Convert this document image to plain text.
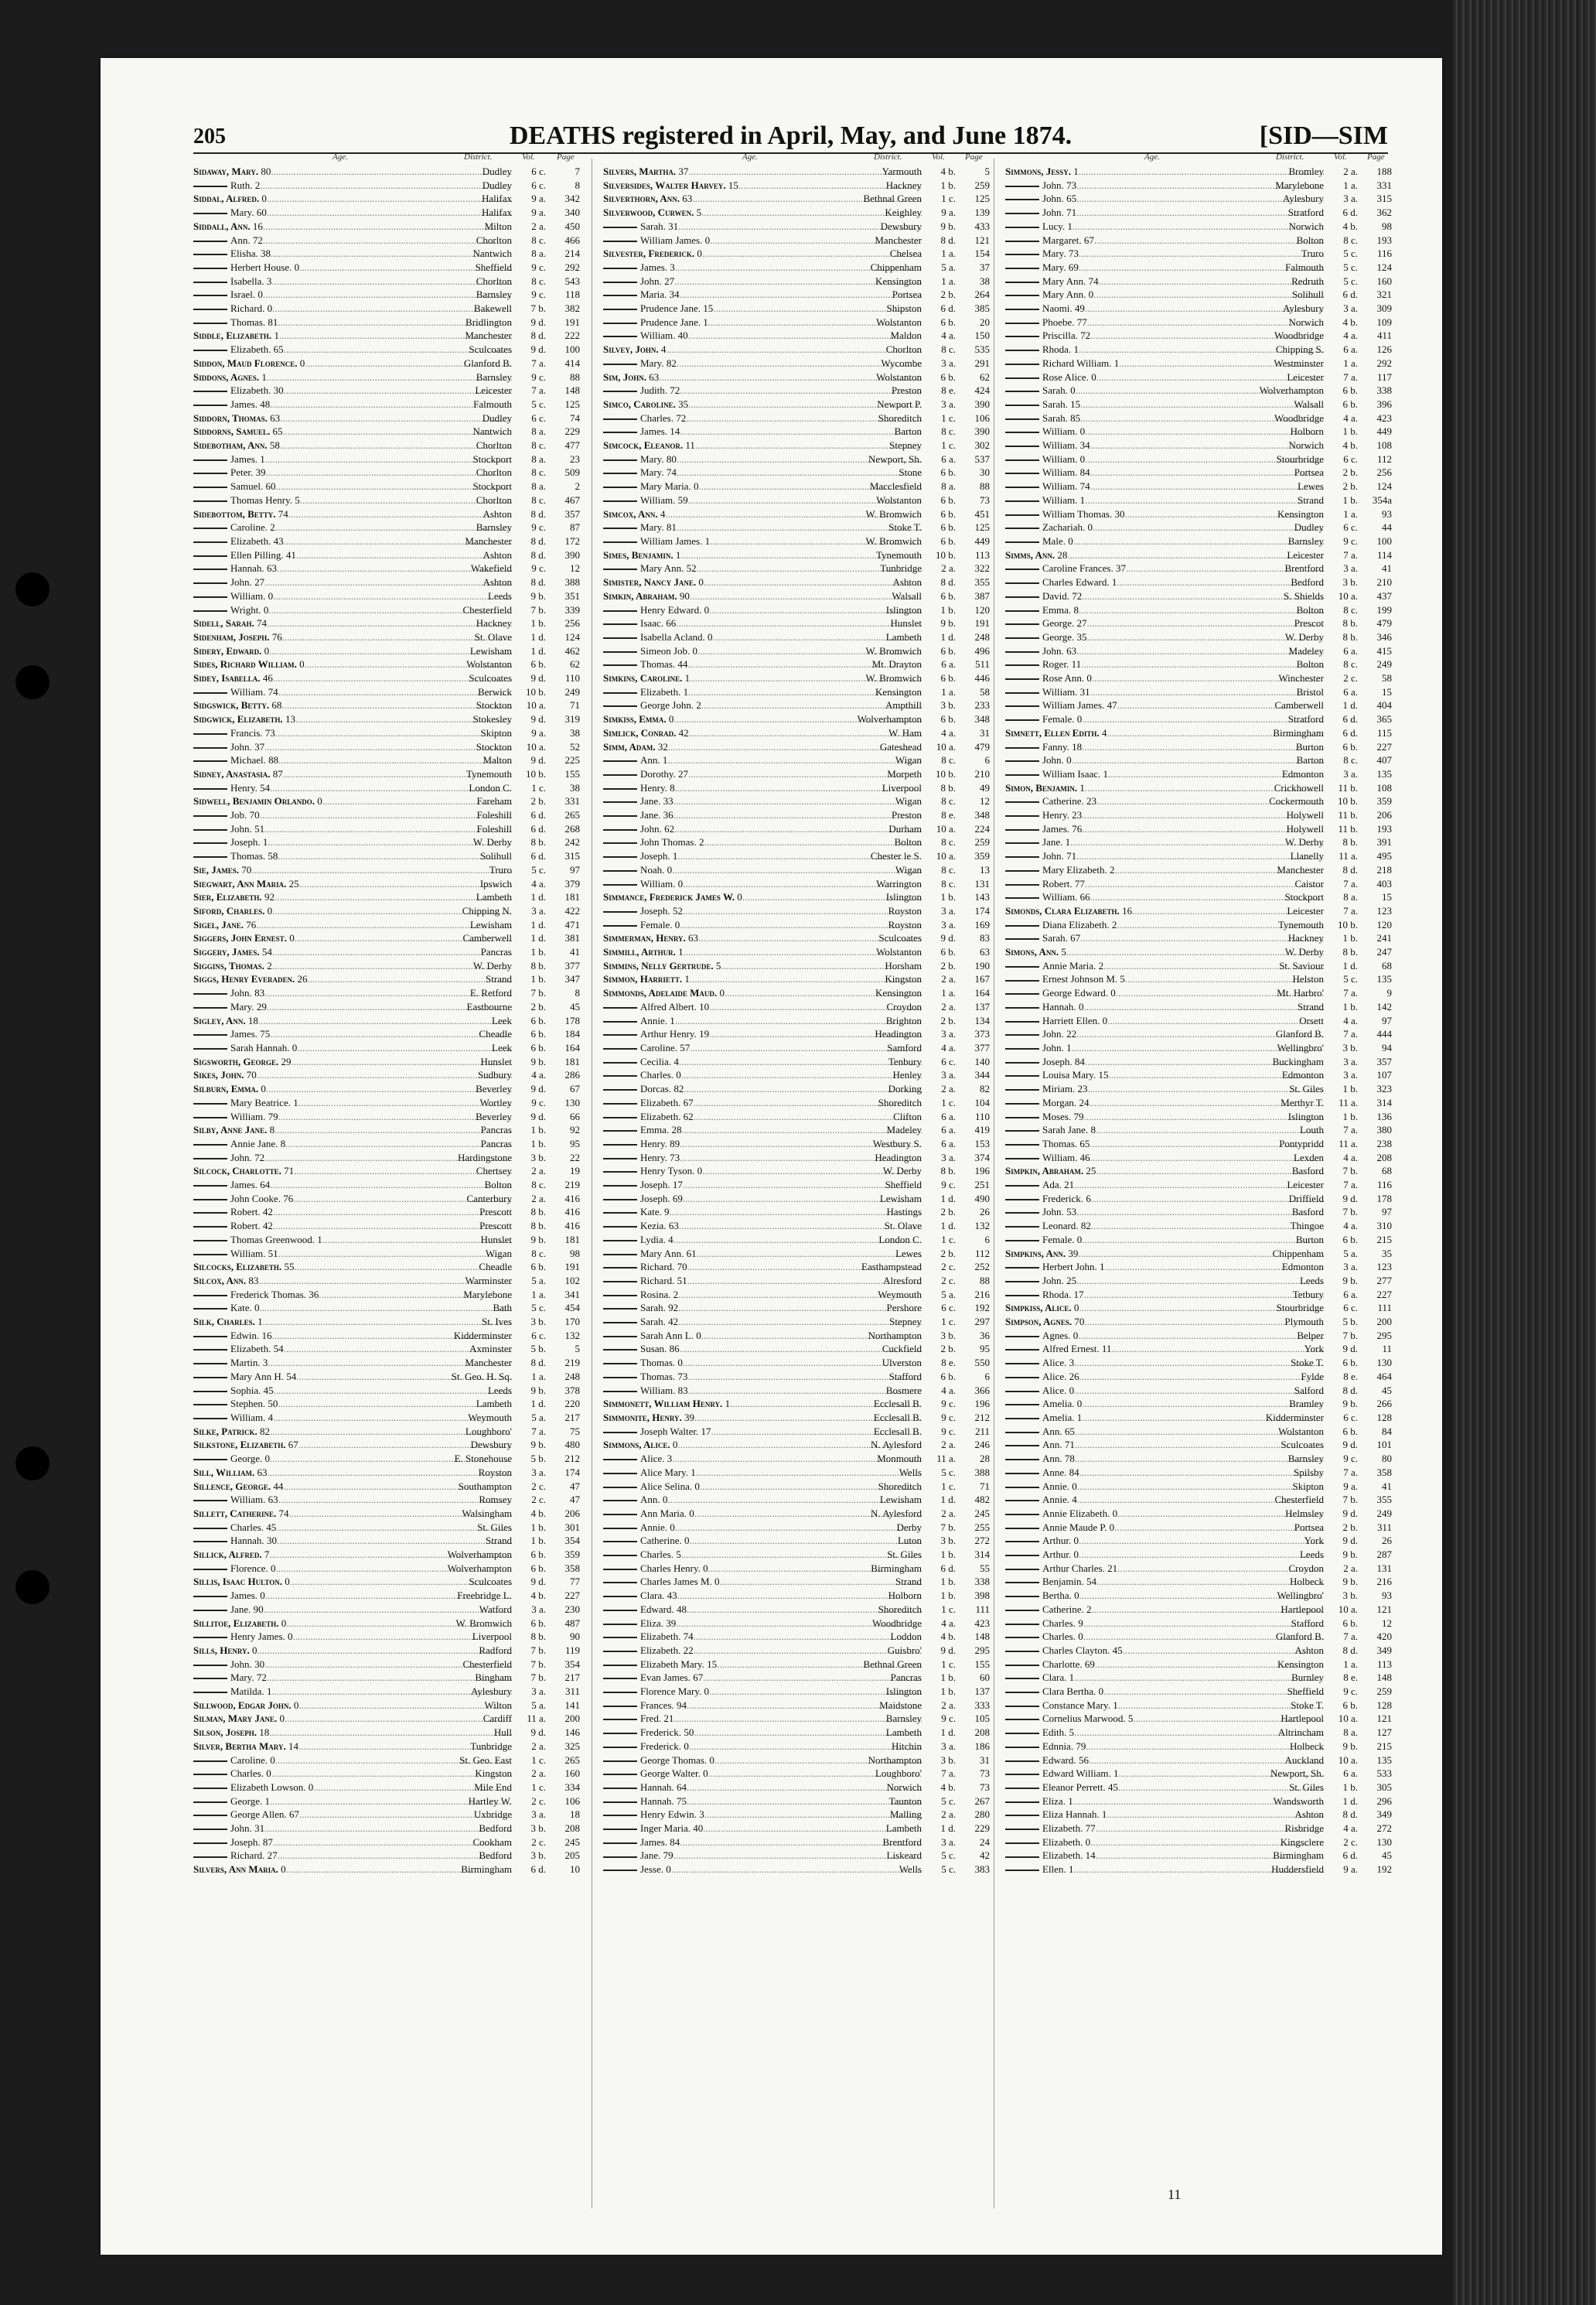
205	DEATHS registered in April, May, and June 1874.	[SID—SIM
Sidaway, Mary. 80	..... Dudley	6 c.	7
Ruth. 2	..... Dudley	6 c.	8
Siddal, Alfred. 0	..... Halifax	9 a.	342
Mary. 60	..... Halifax	9 a.	340
Siddall, Ann. 16	..... Milton	2 a.	450
Ann. 72	..... Chorlton	8 c.	466
Elisha. 38	..... Nantwich	8 a.	214
Herbert House. 0	..... Sheffield	9 c.	292
Isabella. 3	..... Chorlton	8 c.	543
Israel. 0	..... Barnsley	9 c.	118
Richard. 0	..... Bakewell	7 b.	382
Thomas. 81	..... Bridlington	9 d.	191
Siddle, Elizabeth. 1	..... Manchester	8 d.	222
Elizabeth. 65	..... Sculcoates	9 d.	100
Siddon, Maud Florence. 0	..... Glanford B.	7 a.	414
Siddons, Agnes. 1	..... Barnsley	9 c.	88
Elizabeth. 30	..... Leicester	7 a.	148
James. 48	..... Falmouth	5 c.	125
Siddorn, Thomas. 63	..... Dudley	6 c.	74
Siddorns, Samuel. 65	..... Nantwich	8 a.	229
Sidebotham, Ann. 58	..... Chorlton	8 c.	477
James. 1	..... Stockport	8 a.	23
Peter. 39	..... Chorlton	8 c.	509
Samuel. 60	..... Stockport	8 a.	2
Thomas Henry. 5	..... Chorlton	8 c.	467
Sidebottom, Betty. 74	..... Ashton	8 d.	357
Caroline. 2	..... Barnsley	9 c.	87
Elizabeth. 43	..... Manchester	8 d.	172
Ellen Pilling. 41	..... Ashton	8 d.	390
Hannah. 63	..... Wakefield	9 c.	12
John. 27	..... Ashton	8 d.	388
William. 0	..... Leeds	9 b.	351
Wright. 0	..... Chesterfield	7 b.	339
Sidell, Sarah. 74	..... Hackney	1 b.	256
Sidenham, Joseph. 76	..... St. Olave	1 d.	124
Sidery, Edward. 0	..... Lewisham	1 d.	462
Sides, Richard William. 0	..... Wolstanton	6 b.	62
Sidey, Isabella. 46	..... Sculcoates	9 d.	110
William. 74	..... Berwick	10 b.	249
Sidgswick, Betty. 68	..... Stockton	10 a.	71
Sidgwick, Elizabeth. 13	..... Stokesley	9 d.	319
Francis. 73	..... Skipton	9 a.	38
John. 37	..... Stockton	10 a.	52
Michael. 88	..... Malton	9 d.	225
Sidney, Anastasia. 87	..... Tynemouth	10 b.	155
Henry. 54	..... London C.	1 c.	38
Sidwell, Benjamin Orlando. 0	..... Fareham	2 b.	331
Job. 70	..... Foleshill	6 d.	265
John. 51	..... Foleshill	6 d.	268
Joseph. 1	..... W. Derby	8 b.	242
Thomas. 58	..... Solihull	6 d.	315
Sie, James. 70	..... Truro	5 c.	97
Siegwart, Ann Maria. 25	..... Ipswich	4 a.	379
Sier, Elizabeth. 92	..... Lambeth	1 d.	181
Siford, Charles. 0	..... Chipping N.	3 a.	422
Sigel, Jane. 76	..... Lewisham	1 d.	471
Siggers, John Ernest. 0	..... Camberwell	1 d.	381
Siggery, James. 54	..... Pancras	1 b.	41
Siggins, Thomas. 2	..... W. Derby	8 b.	377
Siggs, Henry Everaden. 26	..... Strand	1 b.	347
John. 83	..... E. Retford	7 b.	8
Mary. 29	..... Eastbourne	2 b.	45
Sigley, Ann. 18	..... Leek	6 b.	178
James. 75	..... Cheadle	6 b.	184
Sarah Hannah. 0	..... Leek	6 b.	164
Sigsworth, George. 29	..... Hunslet	9 b.	181
Sikes, John. 70	..... Sudbury	4 a.	286
Silburn, Emma. 0	..... Beverley	9 d.	67
Mary Beatrice. 1	..... Wortley	9 c.	130
William. 79	..... Beverley	9 d.	66
Silby, Anne Jane. 8	..... Pancras	1 b.	92
Annie Jane. 8	..... Pancras	1 b.	95
John. 72	..... Hardingstone	3 b.	22
Silcock, Charlotte. 71	..... Chertsey	2 a.	19
James. 64	..... Bolton	8 c.	219
John Cooke. 76	..... Canterbury	2 a.	416
Robert. 42	..... Prescott	8 b.	416
Robert. 42	..... Prescott	8 b.	416
Thomas Greenwood. 1	..... Hunslet	9 b.	181
William. 51	..... Wigan	8 c.	98
Silcocks, Elizabeth. 55	..... Cheadle	6 b.	191
Silcox, Ann. 83	..... Warminster	5 a.	102
Frederick Thomas. 36	..... Marylebone	1 a.	341
Kate. 0	..... Bath	5 c.	454
Silk, Charles. 1	..... St. Ives	3 b.	170
Edwin. 16	..... Kidderminster	6 c.	132
Elizabeth. 54	..... Axminster	5 b.	5
Martin. 3	..... Manchester	8 d.	219
Mary Ann H. 54	..... St. Geo. H. Sq.	1 a.	248
Sophia. 45	..... Leeds	9 b.	378
Stephen. 50	..... Lambeth	1 d.	220
William. 4	..... Weymouth	5 a.	217
Silke, Patrick. 82	..... Loughboro'	7 a.	75
Silkstone, Elizabeth. 67	..... Dewsbury	9 b.	480
George. 0	..... E. Stonehouse	5 b.	212
Sill, William. 63	..... Royston	3 a.	174
Sillence, George. 44	..... Southampton	2 c.	47
William. 63	..... Romsey	2 c.	47
Sillett, Catherine. 74	..... Walsingham	4 b.	206
Charles. 45	..... St. Giles	1 b.	301
Hannah. 30	..... Strand	1 b.	354
Sillick, Alfred. 7	..... Wolverhampton	6 b.	359
Florence. 0	..... Wolverhampton	6 b.	358
Sillis, Isaac Hulton. 0	..... Sculcoates	9 d.	77
James. 0	..... Freebridge L.	4 b.	227
Jane. 90	..... Watford	3 a.	230
Sillitoe, Elizabeth. 0	..... W. Bromwich	6 b.	487
Henry James. 0	..... Liverpool	8 b.	90
Sills, Henry. 0	..... Radford	7 b.	119
John. 30	..... Chesterfield	7 b.	354
Mary. 72	..... Bingham	7 b.	217
Matilda. 1	..... Aylesbury	3 a.	311
Sillwood, Edgar John. 0	..... Wilton	5 a.	141
Silman, Mary Jane. 0	..... Cardiff	11 a.	200
Silson, Joseph. 18	..... Hull	9 d.	146
Silver, Bertha Mary. 14	..... Tunbridge	2 a.	325
Caroline. 0	..... St. Geo. East	1 c.	265
Charles. 0	..... Kingston	2 a.	160
Elizabeth Lowson. 0	..... Mile End	1 c.	334
George. 1	..... Hartley W.	2 c.	106
George Allen. 67	..... Uxbridge	3 a.	18
John. 31	..... Bedford	3 b.	208
Joseph. 87	..... Cookham	2 c.	245
Richard. 27	..... Bedford	3 b.	205
Silvers, Ann Maria. 0	..... Birmingham	6 d.	10
Silvers, Martha. 37	..... Yarmouth	4 b.	5
Silversides, Walter Harvey. 15	..... Hackney	1 b.	259
Silverthorn, Ann. 63	..... Bethnal Green	1 c.	125
Silverwood, Curwen. 5	..... Keighley	9 a.	139
Sarah. 31	..... Dewsbury	9 b.	433
William James. 0	..... Manchester	8 d.	121
Silvester, Frederick. 0	..... Chelsea	1 a.	154
James. 3	..... Chippenham	5 a.	37
John. 27	..... Kensington	1 a.	38
Maria. 34	..... Portsea	2 b.	264
Prudence Jane. 15	..... Shipston	6 d.	385
Prudence Jane. 1	..... Wolstanton	6 b.	20
William. 40	..... Maldon	4 a.	150
Silvey, John. 4	..... Chorlton	8 c.	535
Mary. 82	..... Wycombe	3 a.	291
Sim, John. 63	..... Wolstanton	6 b.	62
Judith. 72	..... Preston	8 e.	424
Simco, Caroline. 35	..... Newport P.	3 a.	390
Charles. 72	..... Shoreditch	1 c.	106
James. 14	..... Barton	8 c.	390
Simcock, Eleanor. 11	..... Stepney	1 c.	302
Mary. 80	..... Newport, Sh.	6 a.	537
Mary. 74	..... Stone	6 b.	30
Mary Maria. 0	..... Macclesfield	8 a.	88
William. 59	..... Wolstanton	6 b.	73
Simcox, Ann. 4	..... W. Bromwich	6 b.	451
Mary. 81	..... Stoke T.	6 b.	125
William James. 1	..... W. Bromwich	6 b.	449
Simes, Benjamin. 1	..... Tynemouth	10 b.	113
Mary Ann. 52	..... Tunbridge	2 a.	322
Simister, Nancy Jane. 0	..... Ashton	8 d.	355
Simkin, Abraham. 90	..... Walsall	6 b.	387
Henry Edward. 0	..... Islington	1 b.	120
Isaac. 66	..... Hunslet	9 b.	191
Isabella Acland. 0	..... Lambeth	1 d.	248
Simeon Job. 0	..... W. Bromwich	6 b.	496
Thomas. 44	..... Mt. Drayton	6 a.	511
Simkins, Caroline. 1	..... W. Bromwich	6 b.	446
Elizabeth. 1	..... Kensington	1 a.	58
George John. 2	..... Ampthill	3 b.	233
Simkiss, Emma. 0	..... Wolverhampton	6 b.	348
Simlick, Conrad. 42	..... W. Ham	4 a.	31
Simm, Adam. 32	..... Gateshead	10 a.	479
Ann. 1	..... Wigan	8 c.	6
Dorothy. 27	..... Morpeth	10 b.	210
Henry. 8	..... Liverpool	8 b.	49
Jane. 33	..... Wigan	8 c.	12
Jane. 36	..... Preston	8 e.	348
John. 62	..... Durham	10 a.	224
John Thomas. 2	..... Bolton	8 c.	259
Joseph. 1	..... Chester le S.	10 a.	359
Noah. 0	..... Wigan	8 c.	13
William. 0	..... Warrington	8 c.	131
Simmance, Frederick James W. 0	..... Islington	1 b.	143
Joseph. 52	..... Royston	3 a.	174
Female. 0	..... Royston	3 a.	169
Simmerman, Henry. 63	..... Sculcoates	9 d.	83
Simmill, Arthur. 1	..... Wolstanton	6 b.	63
Simmins, Nelly Gertrude. 5	..... Horsham	2 b.	190
Simmon, Harriett. 1	..... Kingston	2 a.	167
Simmonds, Adelaide Maud. 0	..... Kensington	1 a.	164
Alfred Albert. 10	..... Croydon	2 a.	137
Annie. 1	..... Brighton	2 b.	134
Arthur Henry. 19	..... Headington	3 a.	373
Caroline. 57	..... Samford	4 a.	377
Cecilia. 4	..... Tenbury	6 c.	140
Charles. 0	..... Henley	3 a.	344
Dorcas. 82	..... Dorking	2 a.	82
Elizabeth. 67	..... Shoreditch	1 c.	104
Elizabeth. 62	..... Clifton	6 a.	110
Emma. 28	..... Madeley	6 a.	419
Henry. 89	..... Westbury S.	6 a.	153
Henry. 73	..... Headington	3 a.	374
Henry Tyson. 0	..... W. Derby	8 b.	196
Joseph. 17	..... Sheffield	9 c.	251
Joseph. 69	..... Lewisham	1 d.	490
Kate. 9	..... Hastings	2 b.	26
Kezia. 63	..... St. Olave	1 d.	132
Lydia. 4	..... London C.	1 c.	6
Mary Ann. 61	..... Lewes	2 b.	112
Richard. 70	..... Easthampstead	2 c.	252
Richard. 51	..... Alresford	2 c.	88
Rosina. 2	..... Weymouth	5 a.	216
Sarah. 92	..... Pershore	6 c.	192
Sarah. 42	..... Stepney	1 c.	297
Sarah Ann L. 0	..... Northampton	3 b.	36
Susan. 86	..... Cuckfield	2 b.	95
Thomas. 0	..... Ulverston	8 e.	550
Thomas. 73	..... Stafford	6 b.	6
William. 83	..... Bosmere	4 a.	366
Simmonett, William Henry. 1	..... Ecclesall B.	9 c.	196
Simmonite, Henry. 39	..... Ecclesall B.	9 c.	212
Joseph Walter. 17	..... Ecclesall B.	9 c.	211
Simmons, Alice. 0	..... N. Aylesford	2 a.	246
Alice. 3	..... Monmouth	11 a.	28
Alice Mary. 1	..... Wells	5 c.	388
Alice Selina. 0	..... Shoreditch	1 c.	71
Ann. 0	..... Lewisham	1 d.	482
Ann Maria. 0	..... N. Aylesford	2 a.	245
Annie. 0	..... Derby	7 b.	255
Catherine. 0	..... Luton	3 b.	272
Charles. 5	..... St. Giles	1 b.	314
Charles Henry. 0	..... Birmingham	6 d.	55
Charles James M. 0	..... Strand	1 b.	338
Clara. 43	..... Holborn	1 b.	398
Edward. 48	..... Shoreditch	1 c.	111
Eliza. 39	..... Woodbridge	4 a.	423
Elizabeth. 74	..... Loddon	4 b.	148
Elizabeth. 22	..... Guisbro'	9 d.	295
Elizabeth Mary. 15	..... Bethnal Green	1 c.	155
Evan James. 67	..... Pancras	1 b.	60
Florence Mary. 0	..... Islington	1 b.	137
Frances. 94	..... Maidstone	2 a.	333
Fred. 21	..... Barnsley	9 c.	105
Frederick. 50	..... Lambeth	1 d.	208
Frederick. 0	..... Hitchin	3 a.	186
George Thomas. 0	..... Northampton	3 b.	31
George Walter. 0	..... Loughboro'	7 a.	73
Hannah. 64	..... Norwich	4 b.	73
Hannah. 75	..... Taunton	5 c.	267
Henry Edwin. 3	..... Malling	2 a.	280
Inger Maria. 40	..... Lambeth	1 d.	229
James. 84	..... Brentford	3 a.	24
Jane. 79	..... Liskeard	5 c.	42
Jesse. 0	..... Wells	5 c.	383
Simmons, Jessy. 1	..... Bromley	2 a.	188
John. 73	..... Marylebone	1 a.	331
John. 65	..... Aylesbury	3 a.	315
John. 71	..... Stratford	6 d.	362
Lucy. 1	..... Norwich	4 b.	98
Margaret. 67	..... Bolton	8 c.	193
Mary. 73	..... Truro	5 c.	116
Mary. 69	..... Falmouth	5 c.	124
Mary Ann. 74	..... Redruth	5 c.	160
Mary Ann. 0	..... Solihull	6 d.	321
Naomi. 49	..... Aylesbury	3 a.	309
Phoebe. 77	..... Norwich	4 b.	109
Priscilla. 72	..... Woodbridge	4 a.	411
Rhoda. 1	..... Chipping S.	6 a.	126
Richard William. 1	..... Westminster	1 a.	292
Rose Alice. 0	..... Leicester	7 a.	117
Sarah. 0	..... Wolverhampton	6 b.	338
Sarah. 15	..... Walsall	6 b.	396
Sarah. 85	..... Woodbridge	4 a.	423
William. 0	..... Holborn	1 b.	449
William. 34	..... Norwich	4 b.	108
William. 0	..... Stourbridge	6 c.	112
William. 84	..... Portsea	2 b.	256
William. 74	..... Lewes	2 b.	124
William. 1	..... Strand	1 b.	354a
William Thomas. 30	..... Kensington	1 a.	93
Zachariah. 0	..... Dudley	6 c.	44
Male. 0	..... Barnsley	9 c.	100
Simms, Ann. 28	..... Leicester	7 a.	114
Caroline Frances. 37	..... Brentford	3 a.	41
Charles Edward. 1	..... Bedford	3 b.	210
David. 72	..... S. Shields	10 a.	437
Emma. 8	..... Bolton	8 c.	199
George. 27	..... Prescot	8 b.	479
George. 35	..... W. Derby	8 b.	346
John. 63	..... Madeley	6 a.	415
Roger. 11	..... Bolton	8 c.	249
Rose Ann. 0	..... Winchester	2 c.	58
William. 31	..... Bristol	6 a.	15
William James. 47	..... Camberwell	1 d.	404
Female. 0	..... Stratford	6 d.	365
Simnett, Ellen Edith. 4	..... Birmingham	6 d.	115
Fanny. 18	..... Burton	6 b.	227
John. 0	..... Barton	8 c.	407
William Isaac. 1	..... Edmonton	3 a.	135
Simon, Benjamin. 1	..... Crickhowell	11 b.	108
Catherine. 23	..... Cockermouth	10 b.	359
Henry. 23	..... Holywell	11 b.	206
James. 76	..... Holywell	11 b.	193
Jane. 1	..... W. Derby	8 b.	391
John. 71	..... Llanelly	11 a.	495
Mary Elizabeth. 2	..... Manchester	8 d.	218
Robert. 77	..... Caistor	7 a.	403
William. 66	..... Stockport	8 a.	15
Simonds, Clara Elizabeth. 16	..... Leicester	7 a.	123
Diana Elizabeth. 2	..... Tynemouth	10 b.	120
Sarah. 67	..... Hackney	1 b.	241
Simons, Ann. 5	..... W. Derby	8 b.	247
Annie Maria. 2	..... St. Saviour	1 d.	68
Ernest Johnson M. 5	..... Helston	5 c.	135
George Edward. 0	..... Mt. Harbro'	7 a.	9
Hannah. 0	..... Strand	1 b.	142
Harriett Ellen. 0	..... Orsett	4 a.	97
John. 22	..... Glanford B.	7 a.	444
John. 1	..... Wellingbro'	3 b.	94
Joseph. 84	..... Buckingham	3 a.	357
Louisa Mary. 15	..... Edmonton	3 a.	107
Miriam. 23	..... St. Giles	1 b.	323
Morgan. 24	..... Merthyr T.	11 a.	314
Moses. 79	..... Islington	1 b.	136
Sarah Jane. 8	..... Louth	7 a.	380
Thomas. 65	..... Pontypridd	11 a.	238
William. 46	..... Lexden	4 a.	208
Simpkin, Abraham. 25	..... Basford	7 b.	68
Ada. 21	..... Leicester	7 a.	116
Frederick. 6	..... Driffield	9 d.	178
John. 53	..... Basford	7 b.	97
Leonard. 82	..... Thingoe	4 a.	310
Female. 0	..... Burton	6 b.	215
Simpkins, Ann. 39	..... Chippenham	5 a.	35
Herbert John. 1	..... Edmonton	3 a.	123
John. 25	..... Leeds	9 b.	277
Rhoda. 17	..... Tetbury	6 a.	227
Simpkiss, Alice. 0	..... Stourbridge	6 c.	111
Simpson, Agnes. 70	..... Plymouth	5 b.	200
Agnes. 0	..... Belper	7 b.	295
Alfred Ernest. 11	..... York	9 d.	11
Alice. 3	..... Stoke T.	6 b.	130
Alice. 26	..... Fylde	8 e.	464
Alice. 0	..... Salford	8 d.	45
Amelia. 0	..... Bramley	9 b.	266
Amelia. 1	..... Kidderminster	6 c.	128
Ann. 65	..... Wolstanton	6 b.	84
Ann. 71	..... Sculcoates	9 d.	101
Ann. 78	..... Barnsley	9 c.	80
Anne. 84	..... Spilsby	7 a.	358
Annie. 0	..... Skipton	9 a.	41
Annie. 4	..... Chesterfield	7 b.	355
Annie Elizabeth. 0	..... Helmsley	9 d.	249
Annie Maude P. 0	..... Portsea	2 b.	311
Arthur. 0	..... York	9 d.	26
Arthur. 0	..... Leeds	9 b.	287
Arthur Charles. 21	..... Croydon	2 a.	131
Benjamin. 54	..... Holbeck	9 b.	216
Bertha. 0	..... Wellingbro'	3 b.	93
Catherine. 2	..... Hartlepool	10 a.	121
Charles. 9	..... Stafford	6 b.	12
Charles. 0	..... Glanford B.	7 a.	420
Charles Clayton. 45	..... Ashton	8 d.	349
Charlotte. 69	..... Kensington	1 a.	113
Clara. 1	..... Burnley	8 e.	148
Clara Bertha. 0	..... Sheffield	9 c.	259
Constance Mary. 1	..... Stoke T.	6 b.	128
Cornelius Marwood. 5	..... Hartlepool	10 a.	121
Edith. 5	..... Altrincham	8 a.	127
Ednnia. 79	..... Holbeck	9 b.	215
Edward. 56	..... Auckland	10 a.	135
Edward William. 1	..... Newport, Sh.	6 a.	533
Eleanor Perrett. 45	..... St. Giles	1 b.	305
Eliza. 1	..... Wandsworth	1 d.	296
Eliza Hannah. 1	..... Ashton	8 d.	349
Elizabeth. 77	..... Risbridge	4 a.	272
Elizabeth. 0	..... Kingsclere	2 c.	130
Elizabeth. 14	..... Birmingham	6 d.	45
Ellen. 1	..... Huddersfield	9 a.	192
Age.	District.	Vol.	Page	Age.	District.	Vol. Page	Age.	District.	Vol. Page
11
